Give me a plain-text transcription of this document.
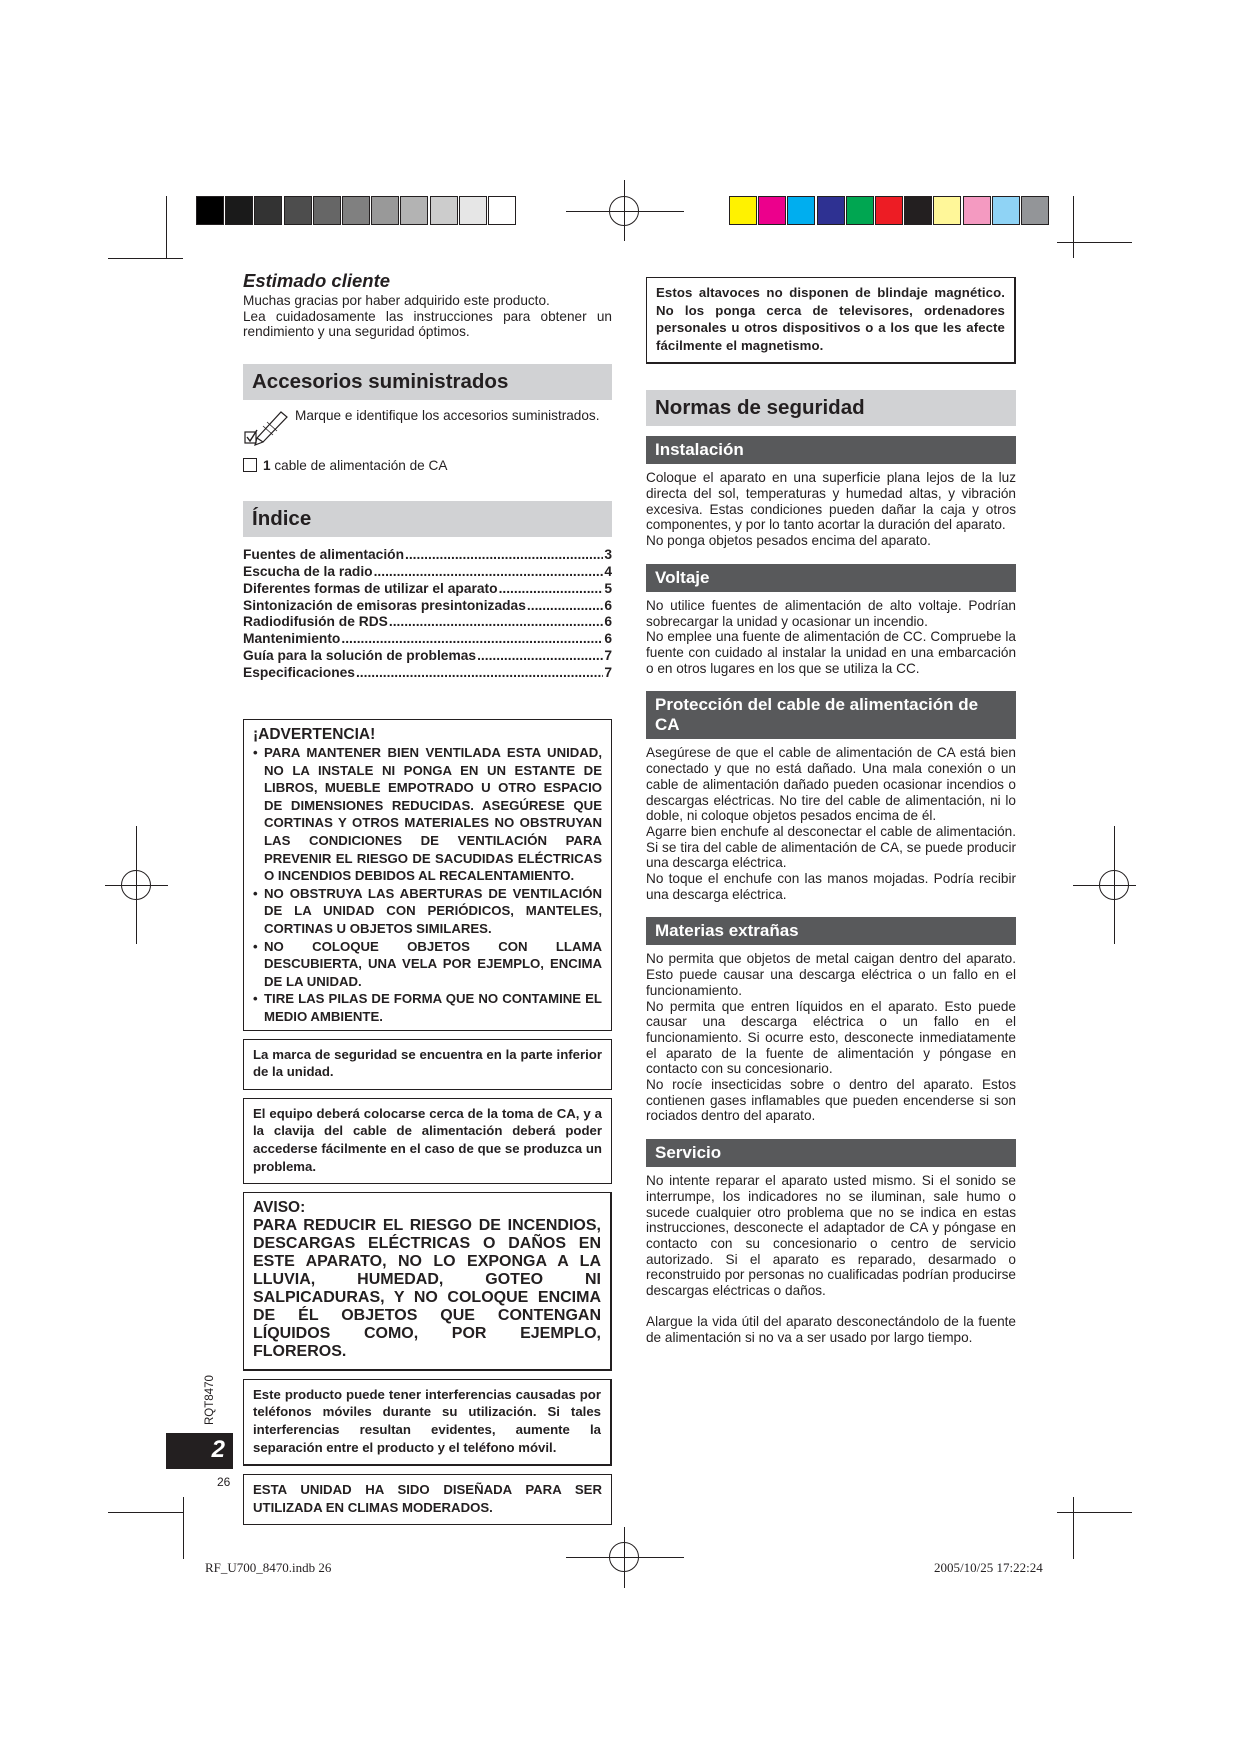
Estimado cliente

Muchas gracias por haber adquirido este producto.

Lea cuidadosamente las instrucciones para obtener un rendimiento y una seguridad óptimos.

Accesorios suministrados

Marque e identifique los accesorios suministrados.

1 cable de alimentación de CA
Índice
Fuentes de alimentación .....	3
Escucha de la radio .....	4
Diferentes formas de utilizar el aparato .....	5
Sintonización de emisoras presintonizadas .....	6
Radiodifusión de RDS .....	6
Mantenimiento .....	6
Guía para la solución de problemas .....	7
Especificaciones .....	7
¡ADVERTENCIA!
• PARA MANTENER BIEN VENTILADA ESTA UNIDAD, NO LA INSTALE NI PONGA EN UN ESTANTE DE LIBROS, MUEBLE EMPOTRADO U OTRO ESPACIO DE DIMENSIONES REDUCIDAS. ASEGÚRESE QUE CORTINAS Y OTROS MATERIALES NO OBSTRUYAN LAS CONDICIONES DE VENTILACIÓN PARA PREVENIR EL RIESGO DE SACUDIDAS ELÉCTRICAS O INCENDIOS DEBIDOS AL RECALENTAMIENTO.
• NO OBSTRUYA LAS ABERTURAS DE VENTILACIÓN DE LA UNIDAD CON PERIÓDICOS, MANTELES, CORTINAS U OBJETOS SIMILARES.
• NO COLOQUE OBJETOS CON LLAMA DESCUBIERTA, UNA VELA POR EJEMPLO, ENCIMA DE LA UNIDAD.
• TIRE LAS PILAS DE FORMA QUE NO CONTAMINE EL MEDIO AMBIENTE.
La marca de seguridad se encuentra en la parte inferior de la unidad.
El equipo deberá colocarse cerca de la toma de CA, y a la clavija del cable de alimentación deberá poder accederse fácilmente en el caso de que se produzca un problema.
AVISO:
PARA REDUCIR EL RIESGO DE INCENDIOS, DESCARGAS ELÉCTRICAS O DAÑOS EN ESTE APARATO, NO LO EXPONGA A LA LLUVIA, HUMEDAD, GOTEO NI SALPICADURAS, Y NO COLOQUE ENCIMA DE ÉL OBJETOS QUE CONTENGAN LÍQUIDOS COMO, POR EJEMPLO, FLOREROS.
Este producto puede tener interferencias causadas por teléfonos móviles durante su utilización. Si tales interferencias resultan evidentes, aumente la separación entre el producto y el teléfono móvil.
ESTA UNIDAD HA SIDO DISEÑADA PARA SER UTILIZADA EN CLIMAS MODERADOS.
Estos altavoces no disponen de blindaje magnético. No los ponga cerca de televisores, ordenadores personales u otros dispositivos o a los que les afecte fácilmente el magnetismo.
Normas de seguridad
Instalación

Coloque el aparato en una superficie plana lejos de la luz directa del sol, temperaturas y humedad altas, y vibración excesiva. Estas condiciones pueden dañar la caja y otros componentes, y por lo tanto acortar la duración del aparato.

No ponga objetos pesados encima del aparato.

Voltaje

No utilice fuentes de alimentación de alto voltaje. Podrían sobrecargar la unidad y ocasionar un incendio.

No emplee una fuente de alimentación de CC. Compruebe la fuente con cuidado al instalar la unidad en una embarcación o en otros lugares en los que se utiliza la CC.

Protección del cable de alimentación de CA

Asegúrese de que el cable de alimentación de CA está bien conectado y que no está dañado. Una mala conexión o un cable de alimentación dañado pueden ocasionar incendios o descargas eléctricas. No tire del cable de alimentación, ni lo doble, ni coloque objetos pesados encima de él.

Agarre bien enchufe al desconectar el cable de alimentación. Si se tira del cable de alimentación de CA, se puede producir una descarga eléctrica.

No toque el enchufe con las manos mojadas. Podría recibir una descarga eléctrica.

Materias extrañas

No permita que objetos de metal caigan dentro del aparato. Esto puede causar una descarga eléctrica o un fallo en el funcionamiento.

No permita que entren líquidos en el aparato. Esto puede causar una descarga eléctrica o un fallo en el funcionamiento. Si ocurre esto, desconecte inmediatamente el aparato de la fuente de alimentación y póngase en contacto con su concesionario.

No rocíe insecticidas sobre o dentro del aparato. Estos contienen gases inflamables que pueden encenderse si son rociados dentro del aparato.

Servicio

No intente reparar el aparato usted mismo. Si el sonido se interrumpe, los indicadores no se iluminan, sale humo o sucede cualquier otro problema que no se indica en estas instrucciones, desconecte el adaptador de CA y póngase en contacto con su concesionario o centro de servicio autorizado. Si el aparato es reparado, desarmado o reconstruido por personas no cualificadas podrían producirse descargas eléctricas o daños.

Alargue la vida útil del aparato desconectándolo de la fuente de alimentación si no va a ser usado por largo tiempo.

RQT8470
2
26
RF_U700_8470.indb 26	2005/10/25 17:22:24
